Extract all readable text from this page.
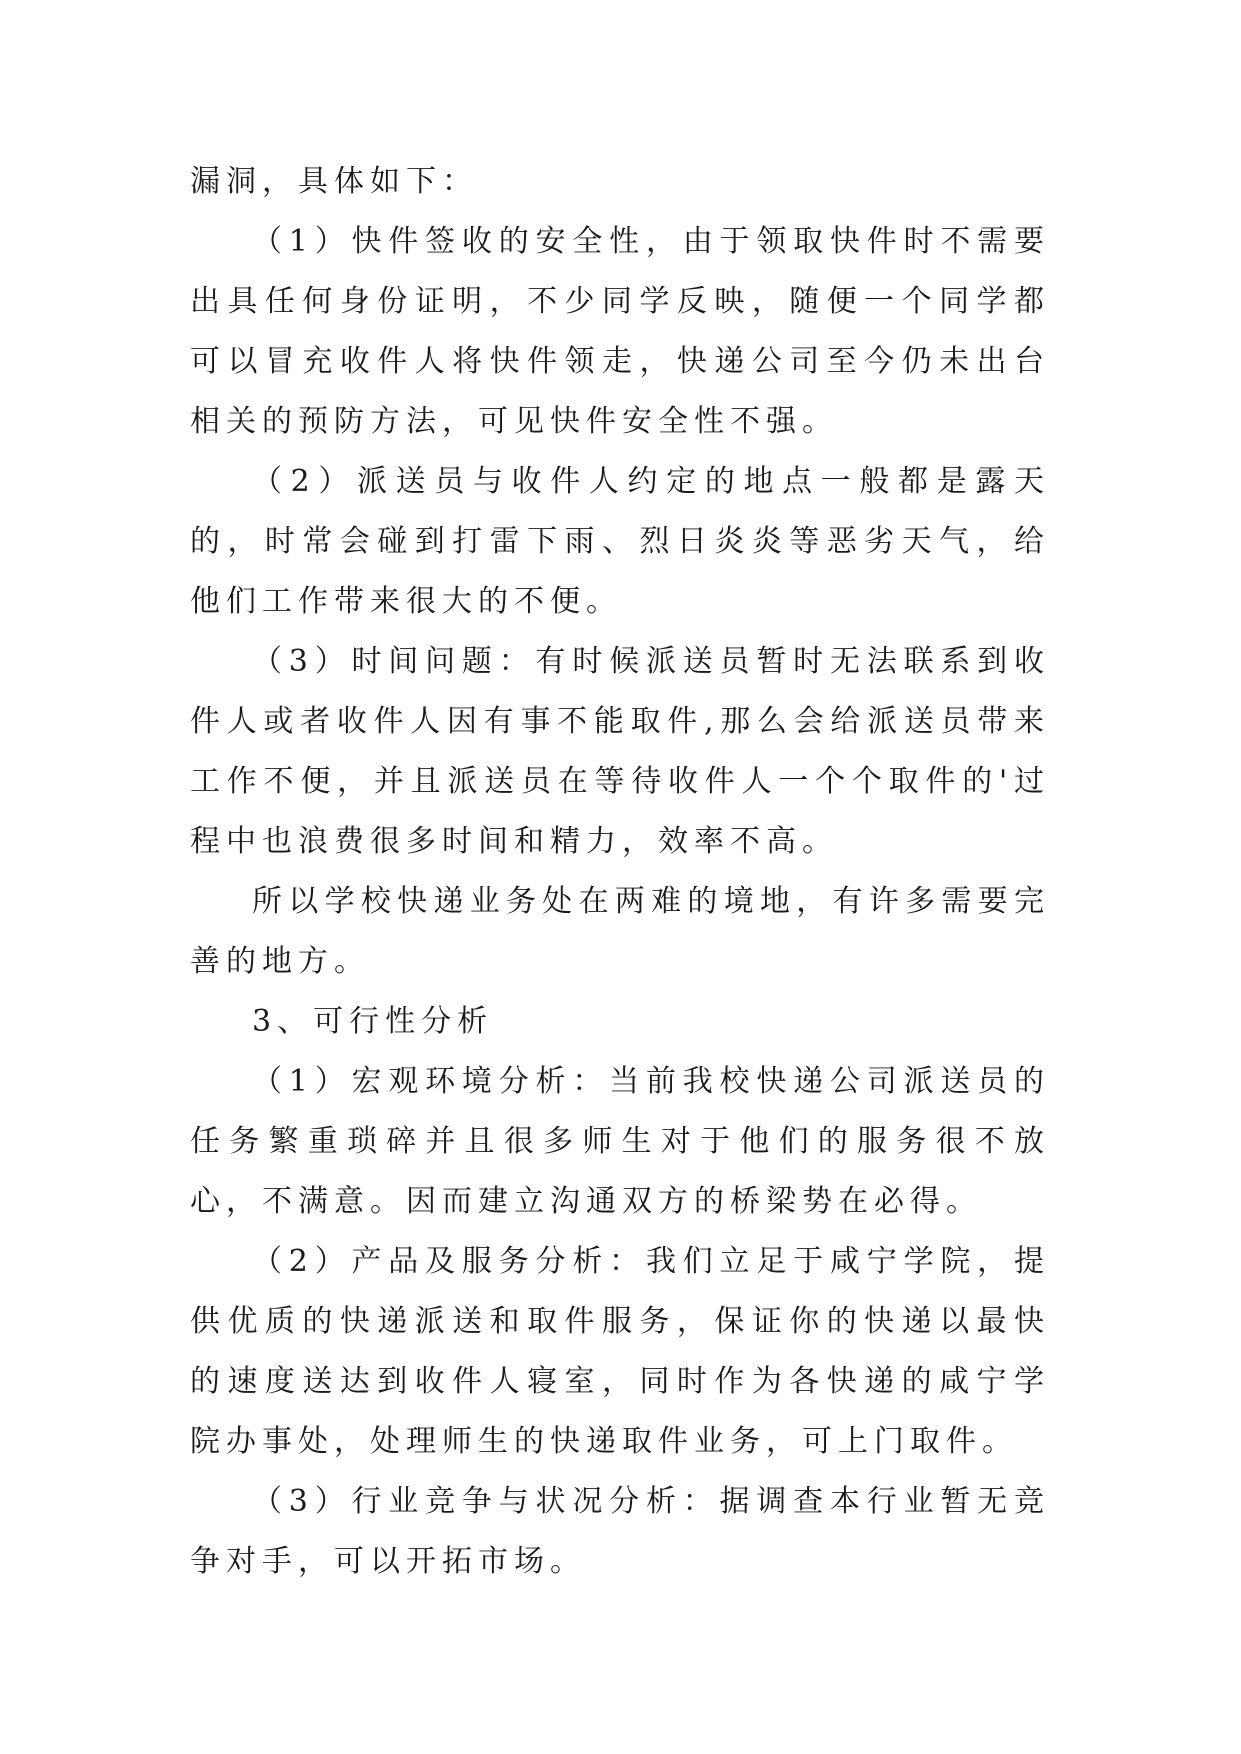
漏洞，具体如下：

（1）快件签收的安全性，由于领取快件时不需要出具任何身份证明，不少同学反映，随便一个同学都可以冒充收件人将快件领走，快递公司至今仍未出台相关的预防方法，可见快件安全性不强。

（2）派送员与收件人约定的地点一般都是露天的，时常会碰到打雷下雨、烈日炎炎等恶劣天气，给他们工作带来很大的不便。

（3）时间问题：有时候派送员暂时无法联系到收件人或者收件人因有事不能取件,那么会给派送员带来工作不便，并且派送员在等待收件人一个个取件的'过程中也浪费很多时间和精力，效率不高。

所以学校快递业务处在两难的境地，有许多需要完善的地方。

3、可行性分析

（1）宏观环境分析：当前我校快递公司派送员的任务繁重琐碎并且很多师生对于他们的服务很不放心，不满意。因而建立沟通双方的桥梁势在必得。

（2）产品及服务分析：我们立足于咸宁学院，提供优质的快递派送和取件服务，保证你的快递以最快的速度送达到收件人寝室，同时作为各快递的咸宁学院办事处，处理师生的快递取件业务，可上门取件。

（3）行业竞争与状况分析：据调查本行业暂无竞争对手，可以开拓市场。
